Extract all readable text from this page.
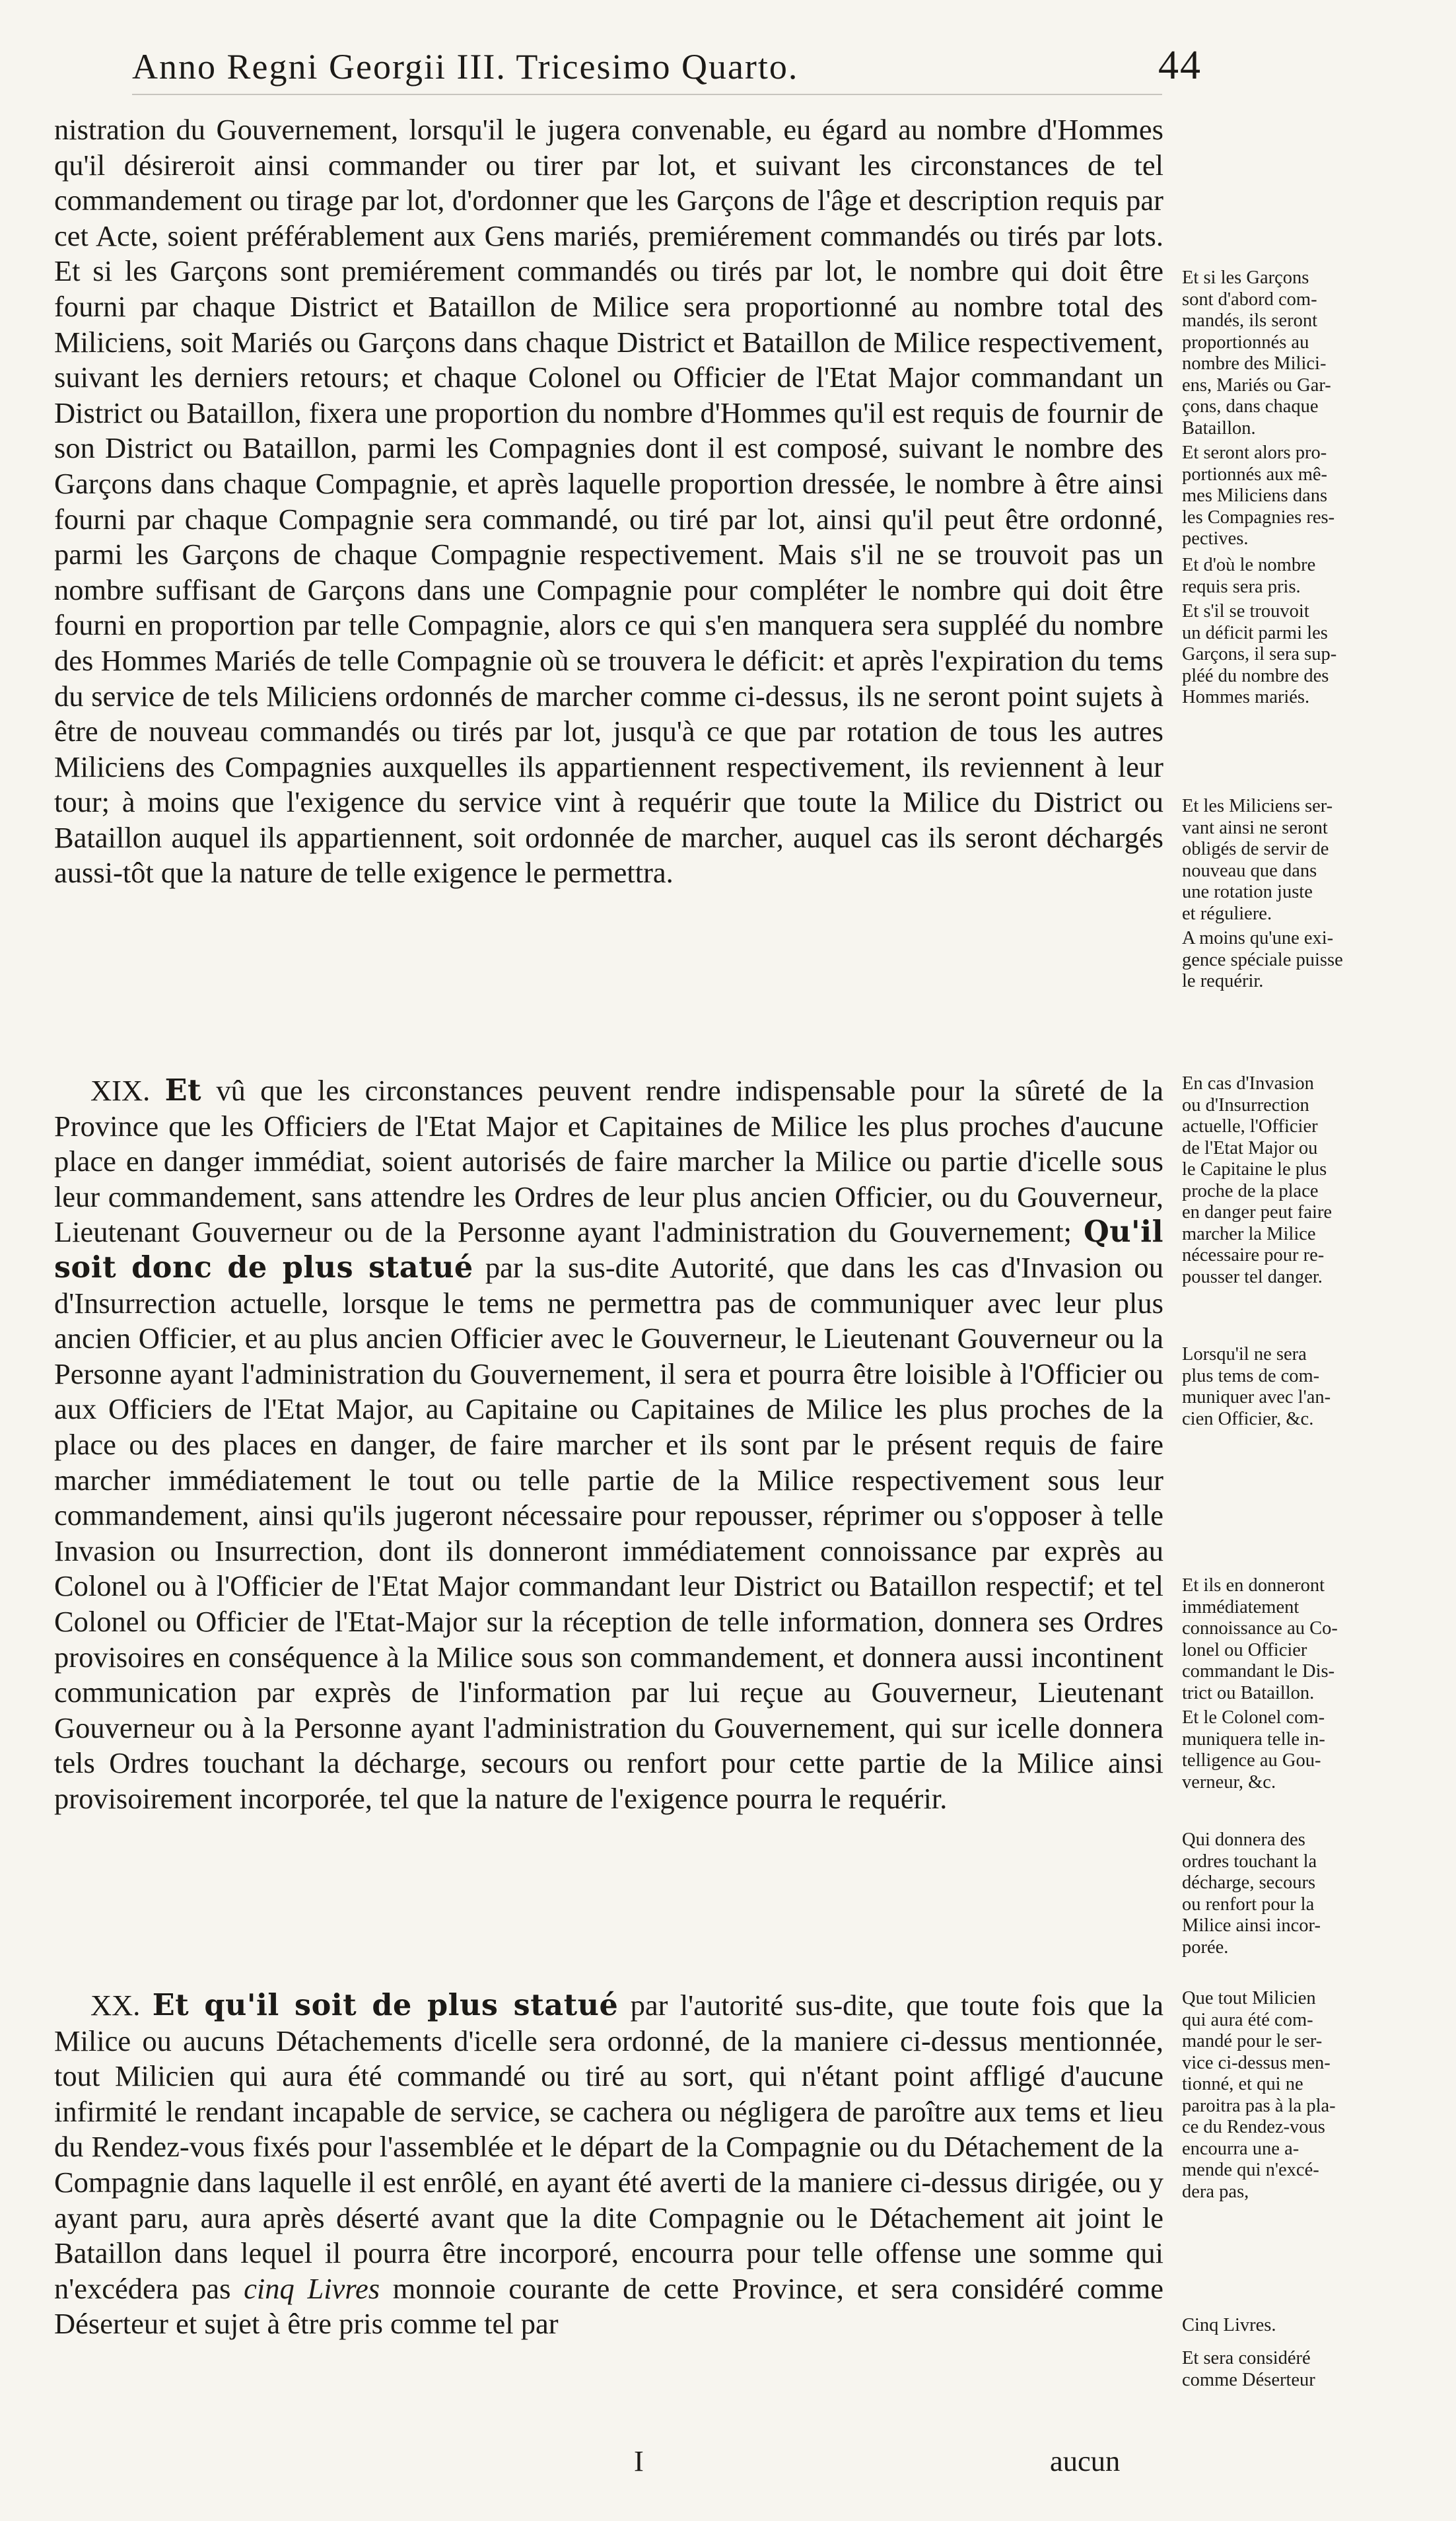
Anno Regni Georgii III. Tricesimo Quarto.	44

nistration du Gouvernement, lorsqu'il le jugera convenable, eu égard au nombre d'Hommes qu'il désireroit ainsi commander ou tirer par lot, et suivant les circonstances de tel commandement ou tirage par lot, d'ordonner que les Garçons de l'âge et description requis par cet Acte, soient préférablement aux Gens mariés, premiérement commandés ou tirés par lots. Et si les Garçons sont premiérement commandés ou tirés par lot, le nombre qui doit être fourni par chaque District et Bataillon de Milice sera proportionné au nombre total des Miliciens, soit Mariés ou Garçons dans chaque District et Bataillon de Milice respectivement, suivant les derniers retours; et chaque Colonel ou Officier de l'Etat Major commandant un District ou Bataillon, fixera une proportion du nombre d'Hommes qu'il est requis de fournir de son District ou Bataillon, parmi les Compagnies dont il est composé, suivant le nombre des Garçons dans chaque Compagnie, et après laquelle proportion dressée, le nombre à être ainsi fourni par chaque Compagnie sera commandé, ou tiré par lot, ainsi qu'il peut être ordonné, parmi les Garçons de chaque Compagnie respectivement. Mais s'il ne se trouvoit pas un nombre suffisant de Garçons dans une Compagnie pour compléter le nombre qui doit être fourni en proportion par telle Compagnie, alors ce qui s'en manquera sera suppléé du nombre des Hommes Mariés de telle Compagnie où se trouvera le déficit: et après l'expiration du tems du service de tels Miliciens ordonnés de marcher comme ci-dessus, ils ne seront point sujets à être de nouveau commandés ou tirés par lot, jusqu'à ce que par rotation de tous les autres Miliciens des Compagnies auxquelles ils appartiennent respectivement, ils reviennent à leur tour; à moins que l'exigence du service vint à requérir que toute la Milice du District ou Bataillon auquel ils appartiennent, soit ordonnée de marcher, auquel cas ils seront déchargés aussi-tôt que la nature de telle exigence le permettra.

XIX. Et vû que les circonstances peuvent rendre indispensable pour la sûreté de la Province que les Officiers de l'Etat Major et Capitaines de Milice les plus proches d'aucune place en danger immédiat, soient autorisés de faire marcher la Milice ou partie d'icelle sous leur commandement, sans attendre les Ordres de leur plus ancien Officier, ou du Gouverneur, Lieutenant Gouverneur ou de la Personne ayant l'administration du Gouvernement; Qu'il soit donc de plus statué par la sus-dite Autorité, que dans les cas d'Invasion ou d'Insurrection actuelle, lorsque le tems ne permettra pas de communiquer avec leur plus ancien Officier, et au plus ancien Officier avec le Gouverneur, le Lieutenant Gouverneur ou la Personne ayant l'administration du Gouvernement, il sera et pourra être loisible à l'Officier ou aux Officiers de l'Etat Major, au Capitaine ou Capitaines de Milice les plus proches de la place ou des places en danger, de faire marcher et ils sont par le présent requis de faire marcher immédiatement le tout ou telle partie de la Milice respectivement sous leur commandement, ainsi qu'ils jugeront nécessaire pour repousser, réprimer ou s'opposer à telle Invasion ou Insurrection, dont ils donneront immédiatement connoissance par exprès au Colonel ou à l'Officier de l'Etat Major commandant leur District ou Bataillon respectif; et tel Colonel ou Officier de l'Etat-Major sur la réception de telle information, donnera ses Ordres provisoires en conséquence à la Milice sous son commandement, et donnera aussi incontinent communication par exprès de l'information par lui reçue au Gouverneur, Lieutenant Gouverneur ou à la Personne ayant l'administration du Gouvernement, qui sur icelle donnera tels Ordres touchant la décharge, secours ou renfort pour cette partie de la Milice ainsi provisoirement incorporée, tel que la nature de l'exigence pourra le requérir.

XX. Et qu'il soit de plus statué par l'autorité sus-dite, que toute fois que la Milice ou aucuns Détachements d'icelle sera ordonné, de la maniere ci-dessus mentionnée, tout Milicien qui aura été commandé ou tiré au sort, qui n'étant point affligé d'aucune infirmité le rendant incapable de service, se cachera ou négligera de paroître aux tems et lieu du Rendez-vous fixés pour l'assemblée et le départ de la Compagnie ou du Détachement de la Compagnie dans laquelle il est enrôlé, en ayant été averti de la maniere ci-dessus dirigée, ou y ayant paru, aura après déserté avant que la dite Compagnie ou le Détachement ait joint le Bataillon dans lequel il pourra être incorporé, encourra pour telle offense une somme qui n'excédera pas cinq Livres monnoie courante de cette Province, et sera considéré comme Déserteur et sujet à être pris comme tel par

Et si les Garçons
sont d'abord com-
mandés, ils seront
proportionnés au
nombre des Milici-
ens, Mariés ou Gar-
çons, dans chaque
Bataillon.
Et seront alors pro-
portionnés aux mê-
mes Miliciens dans
les Compagnies res-
pectives.
Et d'où le nombre
requis sera pris.
Et s'il se trouvoit
un déficit parmi les
Garçons, il sera sup-
pléé du nombre des
Hommes mariés.
Et les Miliciens ser-
vant ainsi ne seront
obligés de servir de
nouveau que dans
une rotation juste
et réguliere.
A moins qu'une exi-
gence spéciale puisse
le requérir.
En cas d'Invasion
ou d'Insurrection
actuelle, l'Officier
de l'Etat Major ou
le Capitaine le plus
proche de la place
en danger peut faire
marcher la Milice
nécessaire pour re-
pousser tel danger.
Lorsqu'il ne sera
plus tems de com-
muniquer avec l'an-
cien Officier, &c.
Et ils en donneront
immédiatement
connoissance au Co-
lonel ou Officier
commandant le Dis-
trict ou Bataillon.
Et le Colonel com-
muniquera telle in-
telligence au Gou-
verneur, &c.
Qui donnera des
ordres touchant la
décharge, secours
ou renfort pour la
Milice ainsi incor-
porée.
Que tout Milicien
qui aura été com-
mandé pour le ser-
vice ci-dessus men-
tionné, et qui ne
paroitra pas à la pla-
ce du Rendez-vous
encourra une a-
mende qui n'excé-
dera pas,
Cinq Livres.
Et sera considéré
comme Déserteur
I	aucun
